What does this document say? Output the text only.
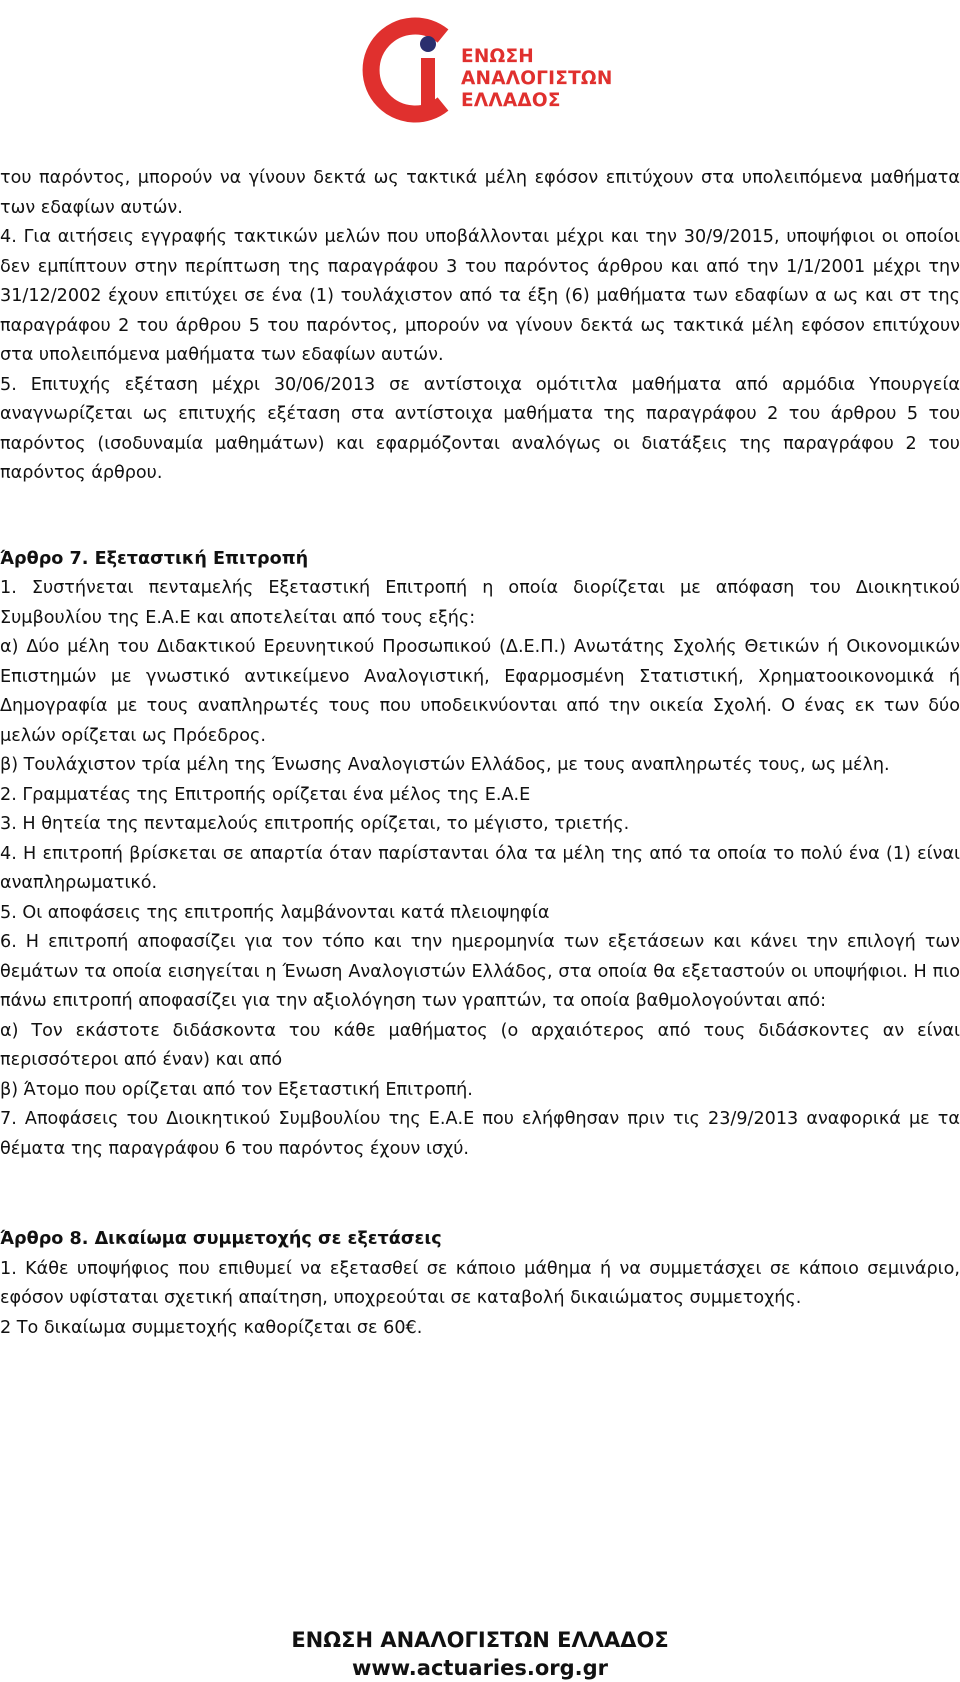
ΕΝΩΣΗ
ΑΝΑΛΟΓΙΣΤΩΝ
ΕΛΛΑΔΟΣ

του παρόντος, μπορούν να γίνουν δεκτά ως τακτικά μέλη εφόσον επιτύχουν στα υπολειπόμενα μαθήματα των εδαφίων αυτών.

4. Για αιτήσεις εγγραφής τακτικών μελών που υποβάλλονται μέχρι και την 30/9/2015, υποψήφιοι οι οποίοι δεν εμπίπτουν στην περίπτωση της παραγράφου 3 του παρόντος άρθρου και από την 1/1/2001 μέχρι την 31/12/2002 έχουν επιτύχει σε ένα (1) τουλάχιστον από τα έξη (6) μαθήματα των εδαφίων α ως και στ της παραγράφου 2 του άρθρου 5 του παρόντος, μπορούν να γίνουν δεκτά ως τακτικά μέλη εφόσον επιτύχουν στα υπολειπόμενα μαθήματα των εδαφίων αυτών.

5. Επιτυχής εξέταση μέχρι 30/06/2013 σε αντίστοιχα ομότιτλα μαθήματα από αρμόδια Υπουργεία αναγνωρίζεται ως επιτυχής εξέταση στα αντίστοιχα μαθήματα της παραγράφου 2 του άρθρου 5 του παρόντος (ισοδυναμία μαθημάτων) και εφαρμόζονται αναλόγως οι διατάξεις της παραγράφου 2 του παρόντος άρθρου.

Άρθρο 7. Εξεταστική Επιτροπή

1. Συστήνεται πενταμελής Εξεταστική Επιτροπή η οποία διορίζεται με απόφαση του Διοικητικού Συμβουλίου της Ε.Α.Ε και αποτελείται από τους εξής:

α) Δύο μέλη του Διδακτικού Ερευνητικού Προσωπικού (Δ.Ε.Π.) Ανωτάτης Σχολής Θετικών ή Οικονομικών Επιστημών με γνωστικό αντικείμενο Αναλογιστική, Εφαρμοσμένη Στατιστική, Χρηματοοικονομικά ή Δημογραφία με τους αναπληρωτές τους που υποδεικνύονται από την οικεία Σχολή. Ο ένας εκ των δύο μελών ορίζεται ως Πρόεδρος.

β) Τουλάχιστον τρία μέλη της Ένωσης Αναλογιστών Ελλάδος, με τους αναπληρωτές τους, ως μέλη.

2. Γραμματέας της Επιτροπής ορίζεται ένα μέλος της Ε.Α.Ε

3. Η θητεία της πενταμελούς επιτροπής ορίζεται, το μέγιστο, τριετής.

4. Η επιτροπή βρίσκεται σε απαρτία όταν παρίστανται όλα τα μέλη της από τα οποία το πολύ ένα (1) είναι αναπληρωματικό.

5. Οι αποφάσεις της επιτροπής λαμβάνονται κατά πλειοψηφία

6. Η επιτροπή αποφασίζει για τον τόπο και την ημερομηνία των εξετάσεων και κάνει την επιλογή των θεμάτων τα οποία εισηγείται η Ένωση Αναλογιστών Ελλάδος, στα οποία θα εξεταστούν οι υποψήφιοι. Η πιο πάνω επιτροπή αποφασίζει για την αξιολόγηση των γραπτών, τα οποία βαθμολογούνται από:

α) Τον εκάστοτε διδάσκοντα του κάθε μαθήματος (ο αρχαιότερος από τους διδάσκοντες αν είναι περισσότεροι από έναν) και από

β) Άτομο που ορίζεται από τον Εξεταστική Επιτροπή.

7. Αποφάσεις του Διοικητικού Συμβουλίου της Ε.Α.Ε που ελήφθησαν πριν τις 23/9/2013 αναφορικά με τα θέματα της παραγράφου 6 του παρόντος έχουν ισχύ.

Άρθρο 8. Δικαίωμα συμμετοχής σε εξετάσεις

1. Κάθε υποψήφιος που επιθυμεί να εξετασθεί σε κάποιο μάθημα ή να συμμετάσχει σε κάποιο σεμινάριο, εφόσον υφίσταται σχετική απαίτηση, υποχρεούται σε καταβολή δικαιώματος συμμετοχής.

2 Το δικαίωμα συμμετοχής καθορίζεται σε 60€.

ΕΝΩΣΗ ΑΝΑΛΟΓΙΣΤΩΝ ΕΛΛΑΔΟΣ
www.actuaries.org.gr
